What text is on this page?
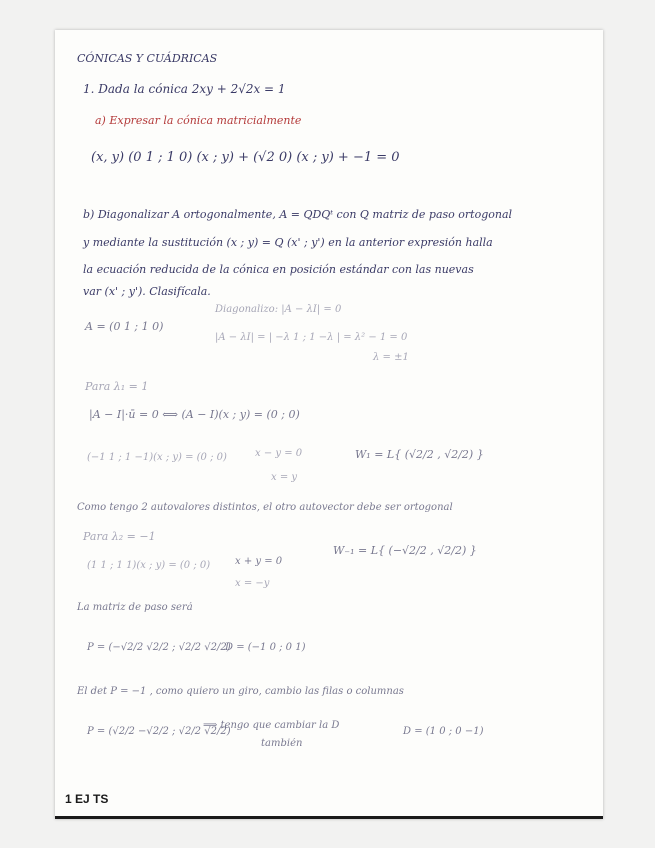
CÓNICAS Y CUÁDRICAS
1. Dada la cónica 2xy + 2√2x = 1
a) Expresar la cónica matricialmente
(x, y) (0 1 ; 1 0) (x ; y) + (√2 0) (x ; y) + −1 = 0
b) Diagonalizar A ortogonalmente, A = QDQᵗ con Q matriz de paso ortogonal
y mediante la sustitución (x ; y) = Q (x' ; y') en la anterior expresión halla
la ecuación reducida de la cónica en posición estándar con las nuevas
var (x' ; y'). Clasifícala.
A = (0 1 ; 1 0)
Diagonalizo: |A − λI| = 0
|A − λI| = | −λ 1 ; 1 −λ | = λ² − 1 = 0
λ = ±1
Para λ₁ = 1
|A − I|·ū = 0 ⟺ (A − I)(x ; y) = (0 ; 0)
(−1 1 ; 1 −1)(x ; y) = (0 ; 0)	x − y = 0
x = y
W₁ = L{ (√2/2 , √2/2) }
Como tengo 2 autovalores distintos, el otro autovector debe ser ortogonal
Para λ₂ = −1
(1 1 ; 1 1)(x ; y) = (0 ; 0) x + y = 0
x = −y
W₋₁ = L{ (−√2/2 , √2/2) }
La matriz de paso será
P = (−√2/2 √2/2 ; √2/2 √2/2)
D = (−1 0 ; 0 1)
El det P = −1 , como quiero un giro, cambio las filas o columnas
P = (√2/2 −√2/2 ; √2/2 √2/2)
⟹ tengo que cambiar la D
también
D = (1 0 ; 0 −1)
1 EJ TS
